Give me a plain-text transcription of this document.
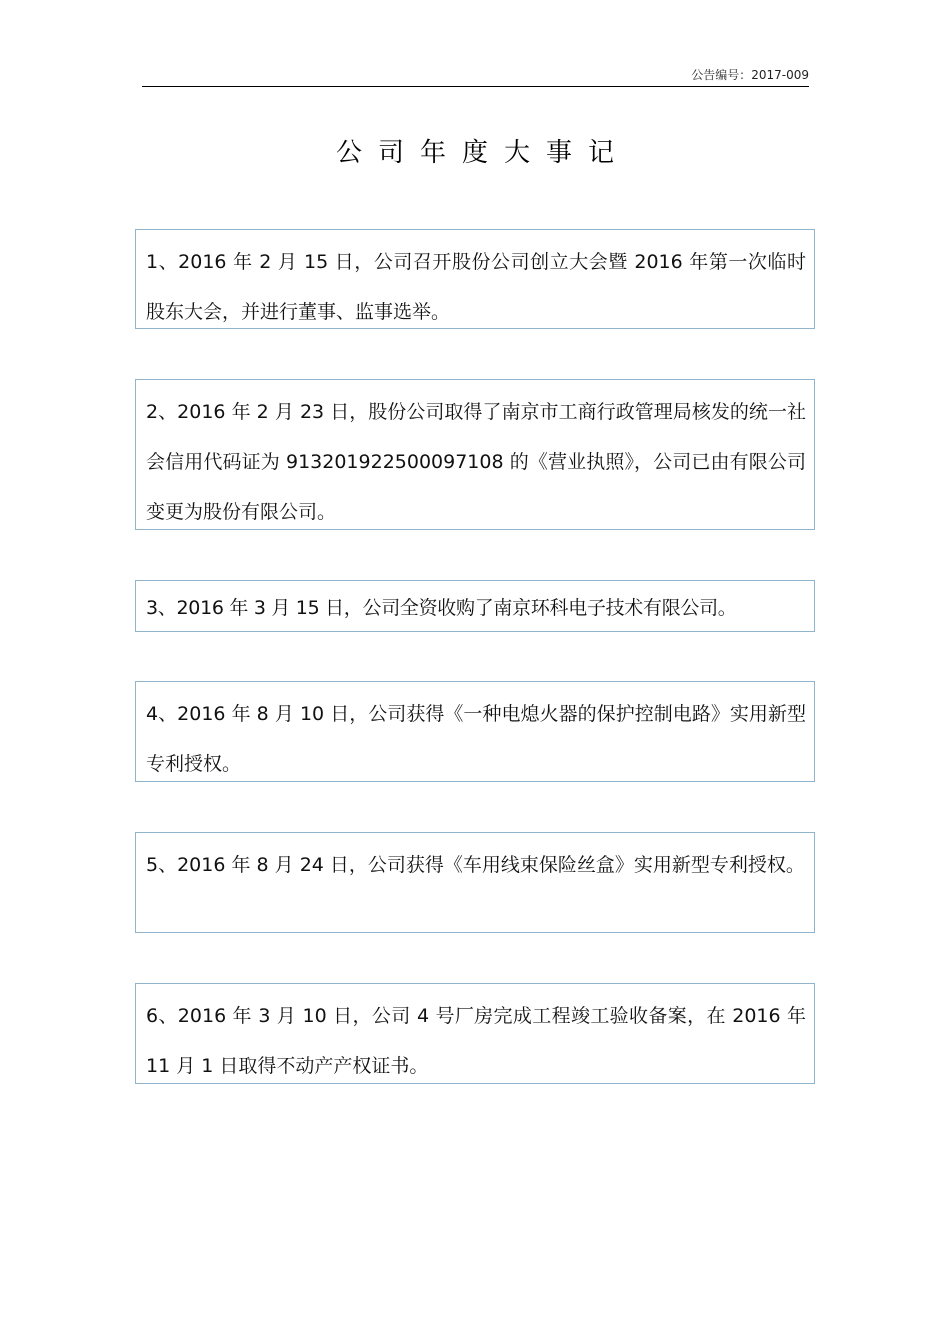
公告编号：2017-009
公司年度大事记
1、2016 年 2 月 15 日，公司召开股份公司创立大会暨 2016 年第一次临时股东大会，并进行董事、监事选举。
2、2016 年 2 月 23 日，股份公司取得了南京市工商行政管理局核发的统一社会信用代码证为 913201922500097108 的《营业执照》，公司已由有限公司变更为股份有限公司。
3、2016 年 3 月 15 日，公司全资收购了南京环科电子技术有限公司。
4、2016 年 8 月 10 日，公司获得《一种电熄火器的保护控制电路》实用新型专利授权。
5、2016 年 8 月 24 日，公司获得《车用线束保险丝盒》实用新型专利授权。
6、2016 年 3 月 10 日，公司 4 号厂房完成工程竣工验收备案，在 2016 年 11 月 1 日取得不动产产权证书。
